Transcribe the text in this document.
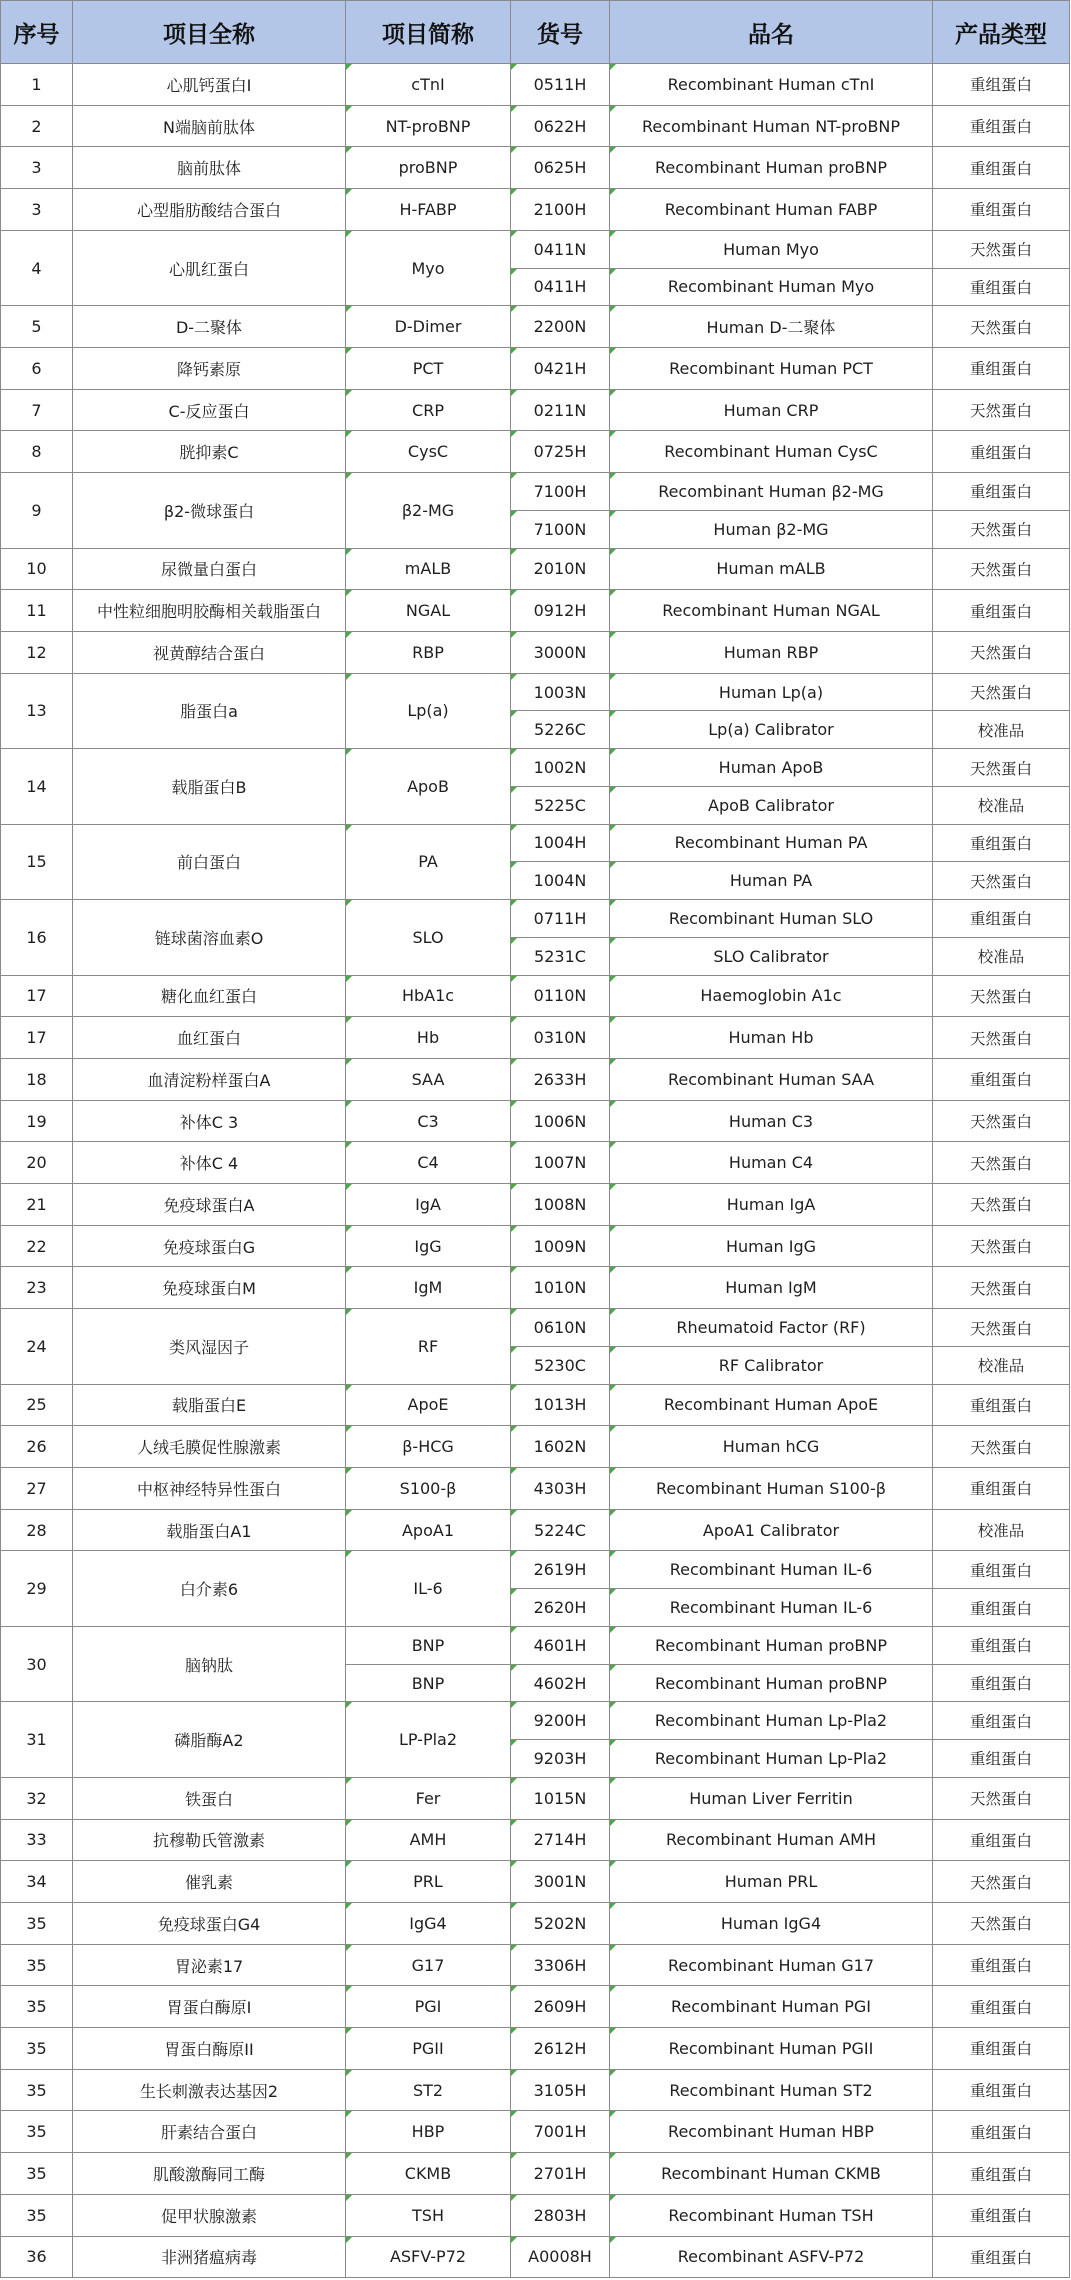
序号	项目全称	项目简称	货号	品名	产品类型
1	心肌钙蛋白I	cTnI	0511H	Recombinant Human cTnI	重组蛋白
2	N端脑前肽体	NT-proBNP	0622H	Recombinant Human NT-proBNP	重组蛋白
3	脑前肽体	proBNP	0625H	Recombinant Human proBNP	重组蛋白
3	心型脂肪酸结合蛋白	H-FABP	2100H	Recombinant Human FABP	重组蛋白
4	心肌红蛋白	Myo	0411N	Human Myo	天然蛋白
			0411H	Recombinant Human Myo	重组蛋白
5	D-二聚体	D-Dimer	2200N	Human D-二聚体	天然蛋白
6	降钙素原	PCT	0421H	Recombinant Human PCT	重组蛋白
7	C-反应蛋白	CRP	0211N	Human CRP	天然蛋白
8	胱抑素C	CysC	0725H	Recombinant Human CysC	重组蛋白
9	β2-微球蛋白	β2-MG	7100H	Recombinant Human β2-MG	重组蛋白
			7100N	Human β2-MG	天然蛋白
10	尿微量白蛋白	mALB	2010N	Human mALB	天然蛋白
11	中性粒细胞明胶酶相关载脂蛋白	NGAL	0912H	Recombinant Human NGAL	重组蛋白
12	视黄醇结合蛋白	RBP	3000N	Human RBP	天然蛋白
13	脂蛋白a	Lp(a)	1003N	Human Lp(a)	天然蛋白
			5226C	Lp(a) Calibrator	校准品
14	载脂蛋白B	ApoB	1002N	Human ApoB	天然蛋白
			5225C	ApoB Calibrator	校准品
15	前白蛋白	PA	1004H	Recombinant Human PA	重组蛋白
			1004N	Human PA	天然蛋白
16	链球菌溶血素O	SLO	0711H	Recombinant Human SLO	重组蛋白
			5231C	SLO Calibrator	校准品
17	糖化血红蛋白	HbA1c	0110N	Haemoglobin A1c	天然蛋白
17	血红蛋白	Hb	0310N	Human Hb	天然蛋白
18	血清淀粉样蛋白A	SAA	2633H	Recombinant Human SAA	重组蛋白
19	补体C 3	C3	1006N	Human C3	天然蛋白
20	补体C 4	C4	1007N	Human C4	天然蛋白
21	免疫球蛋白A	IgA	1008N	Human IgA	天然蛋白
22	免疫球蛋白G	IgG	1009N	Human IgG	天然蛋白
23	免疫球蛋白M	IgM	1010N	Human IgM	天然蛋白
24	类风湿因子	RF	0610N	Rheumatoid Factor (RF)	天然蛋白
			5230C	RF Calibrator	校准品
25	载脂蛋白E	ApoE	1013H	Recombinant Human ApoE	重组蛋白
26	人绒毛膜促性腺激素	β-HCG	1602N	Human hCG	天然蛋白
27	中枢神经特异性蛋白	S100-β	4303H	Recombinant Human S100-β	重组蛋白
28	载脂蛋白A1	ApoA1	5224C	ApoA1 Calibrator	校准品
29	白介素6	IL-6	2619H	Recombinant Human IL-6	重组蛋白
			2620H	Recombinant Human IL-6	重组蛋白
30	脑钠肽	BNP	4601H	Recombinant Human proBNP	重组蛋白
		BNP	4602H	Recombinant Human proBNP	重组蛋白
31	磷脂酶A2	LP-Pla2	9200H	Recombinant Human Lp-Pla2	重组蛋白
			9203H	Recombinant Human Lp-Pla2	重组蛋白
32	铁蛋白	Fer	1015N	Human Liver Ferritin	天然蛋白
33	抗穆勒氏管激素	AMH	2714H	Recombinant Human AMH	重组蛋白
34	催乳素	PRL	3001N	Human PRL	天然蛋白
35	免疫球蛋白G4	IgG4	5202N	Human IgG4	天然蛋白
35	胃泌素17	G17	3306H	Recombinant Human G17	重组蛋白
35	胃蛋白酶原I	PGI	2609H	Recombinant Human PGI	重组蛋白
35	胃蛋白酶原II	PGII	2612H	Recombinant Human PGII	重组蛋白
35	生长刺激表达基因2	ST2	3105H	Recombinant Human ST2	重组蛋白
35	肝素结合蛋白	HBP	7001H	Recombinant Human HBP	重组蛋白
35	肌酸激酶同工酶	CKMB	2701H	Recombinant Human CKMB	重组蛋白
35	促甲状腺激素	TSH	2803H	Recombinant Human TSH	重组蛋白
36	非洲猪瘟病毒	ASFV-P72	A0008H	Recombinant ASFV-P72	重组蛋白
